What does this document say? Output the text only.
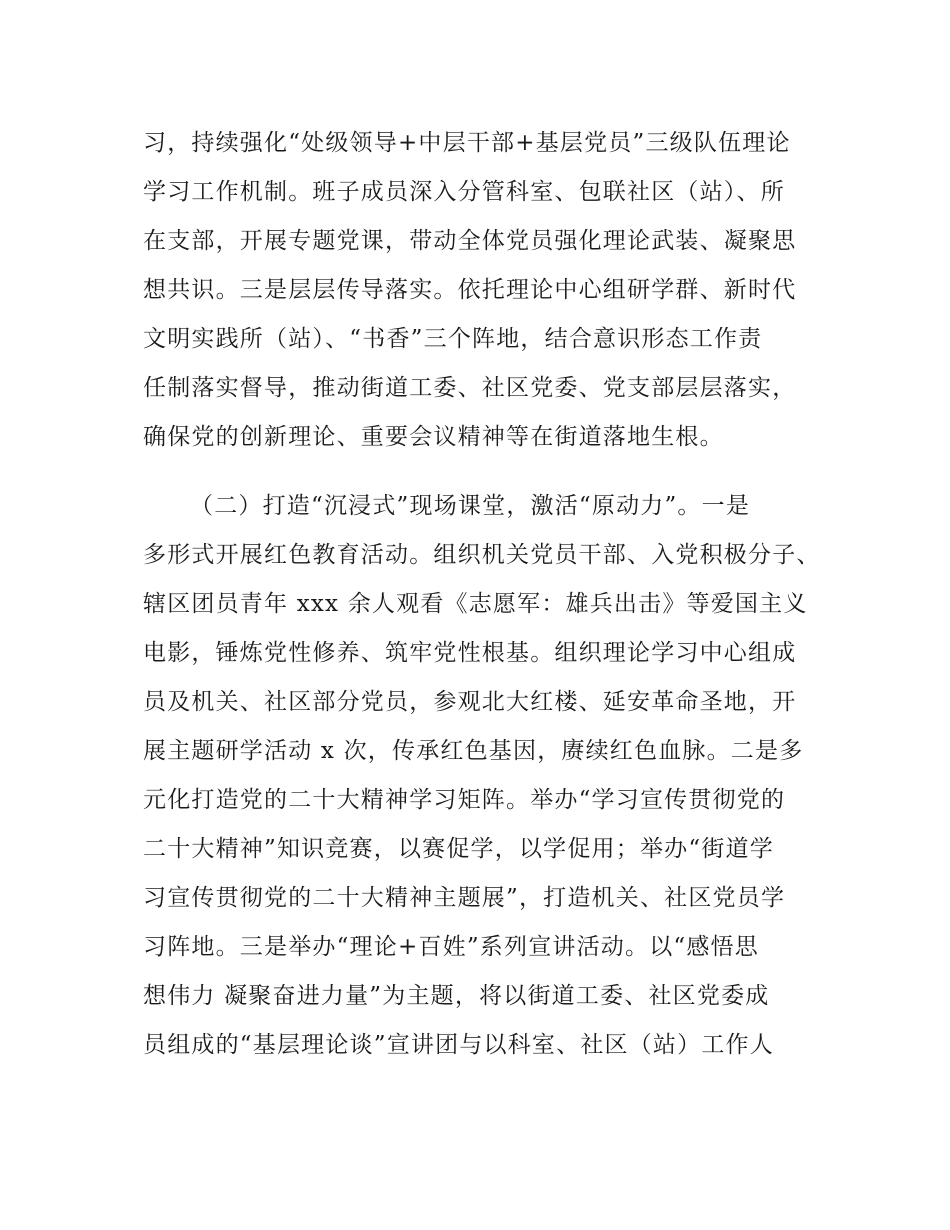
习，持续强化“处级领导+中层干部+基层党员”三级队伍理论
学习工作机制。班子成员深入分管科室、包联社区（站）、所
在支部，开展专题党课，带动全体党员强化理论武装、凝聚思
想共识。三是层层传导落实。依托理论中心组研学群、新时代
文明实践所（站）、“书香”三个阵地，结合意识形态工作责
任制落实督导，推动街道工委、社区党委、党支部层层落实，
确保党的创新理论、重要会议精神等在街道落地生根。
（二）打造“沉浸式”现场课堂，激活“原动力”。一是
多形式开展红色教育活动。组织机关党员干部、入党积极分子、
辖区团员青年 xxx 余人观看《志愿军：雄兵出击》等爱国主义
电影，锤炼党性修养、筑牢党性根基。组织理论学习中心组成
员及机关、社区部分党员，参观北大红楼、延安革命圣地，开
展主题研学活动 x 次，传承红色基因，赓续红色血脉。二是多
元化打造党的二十大精神学习矩阵。举办“学习宣传贯彻党的
二十大精神”知识竞赛，以赛促学，以学促用；举办“街道学
习宣传贯彻党的二十大精神主题展”，打造机关、社区党员学
习阵地。三是举办“理论+百姓”系列宣讲活动。以“感悟思
想伟力 凝聚奋进力量”为主题，将以街道工委、社区党委成
员组成的“基层理论谈”宣讲团与以科室、社区（站）工作人
